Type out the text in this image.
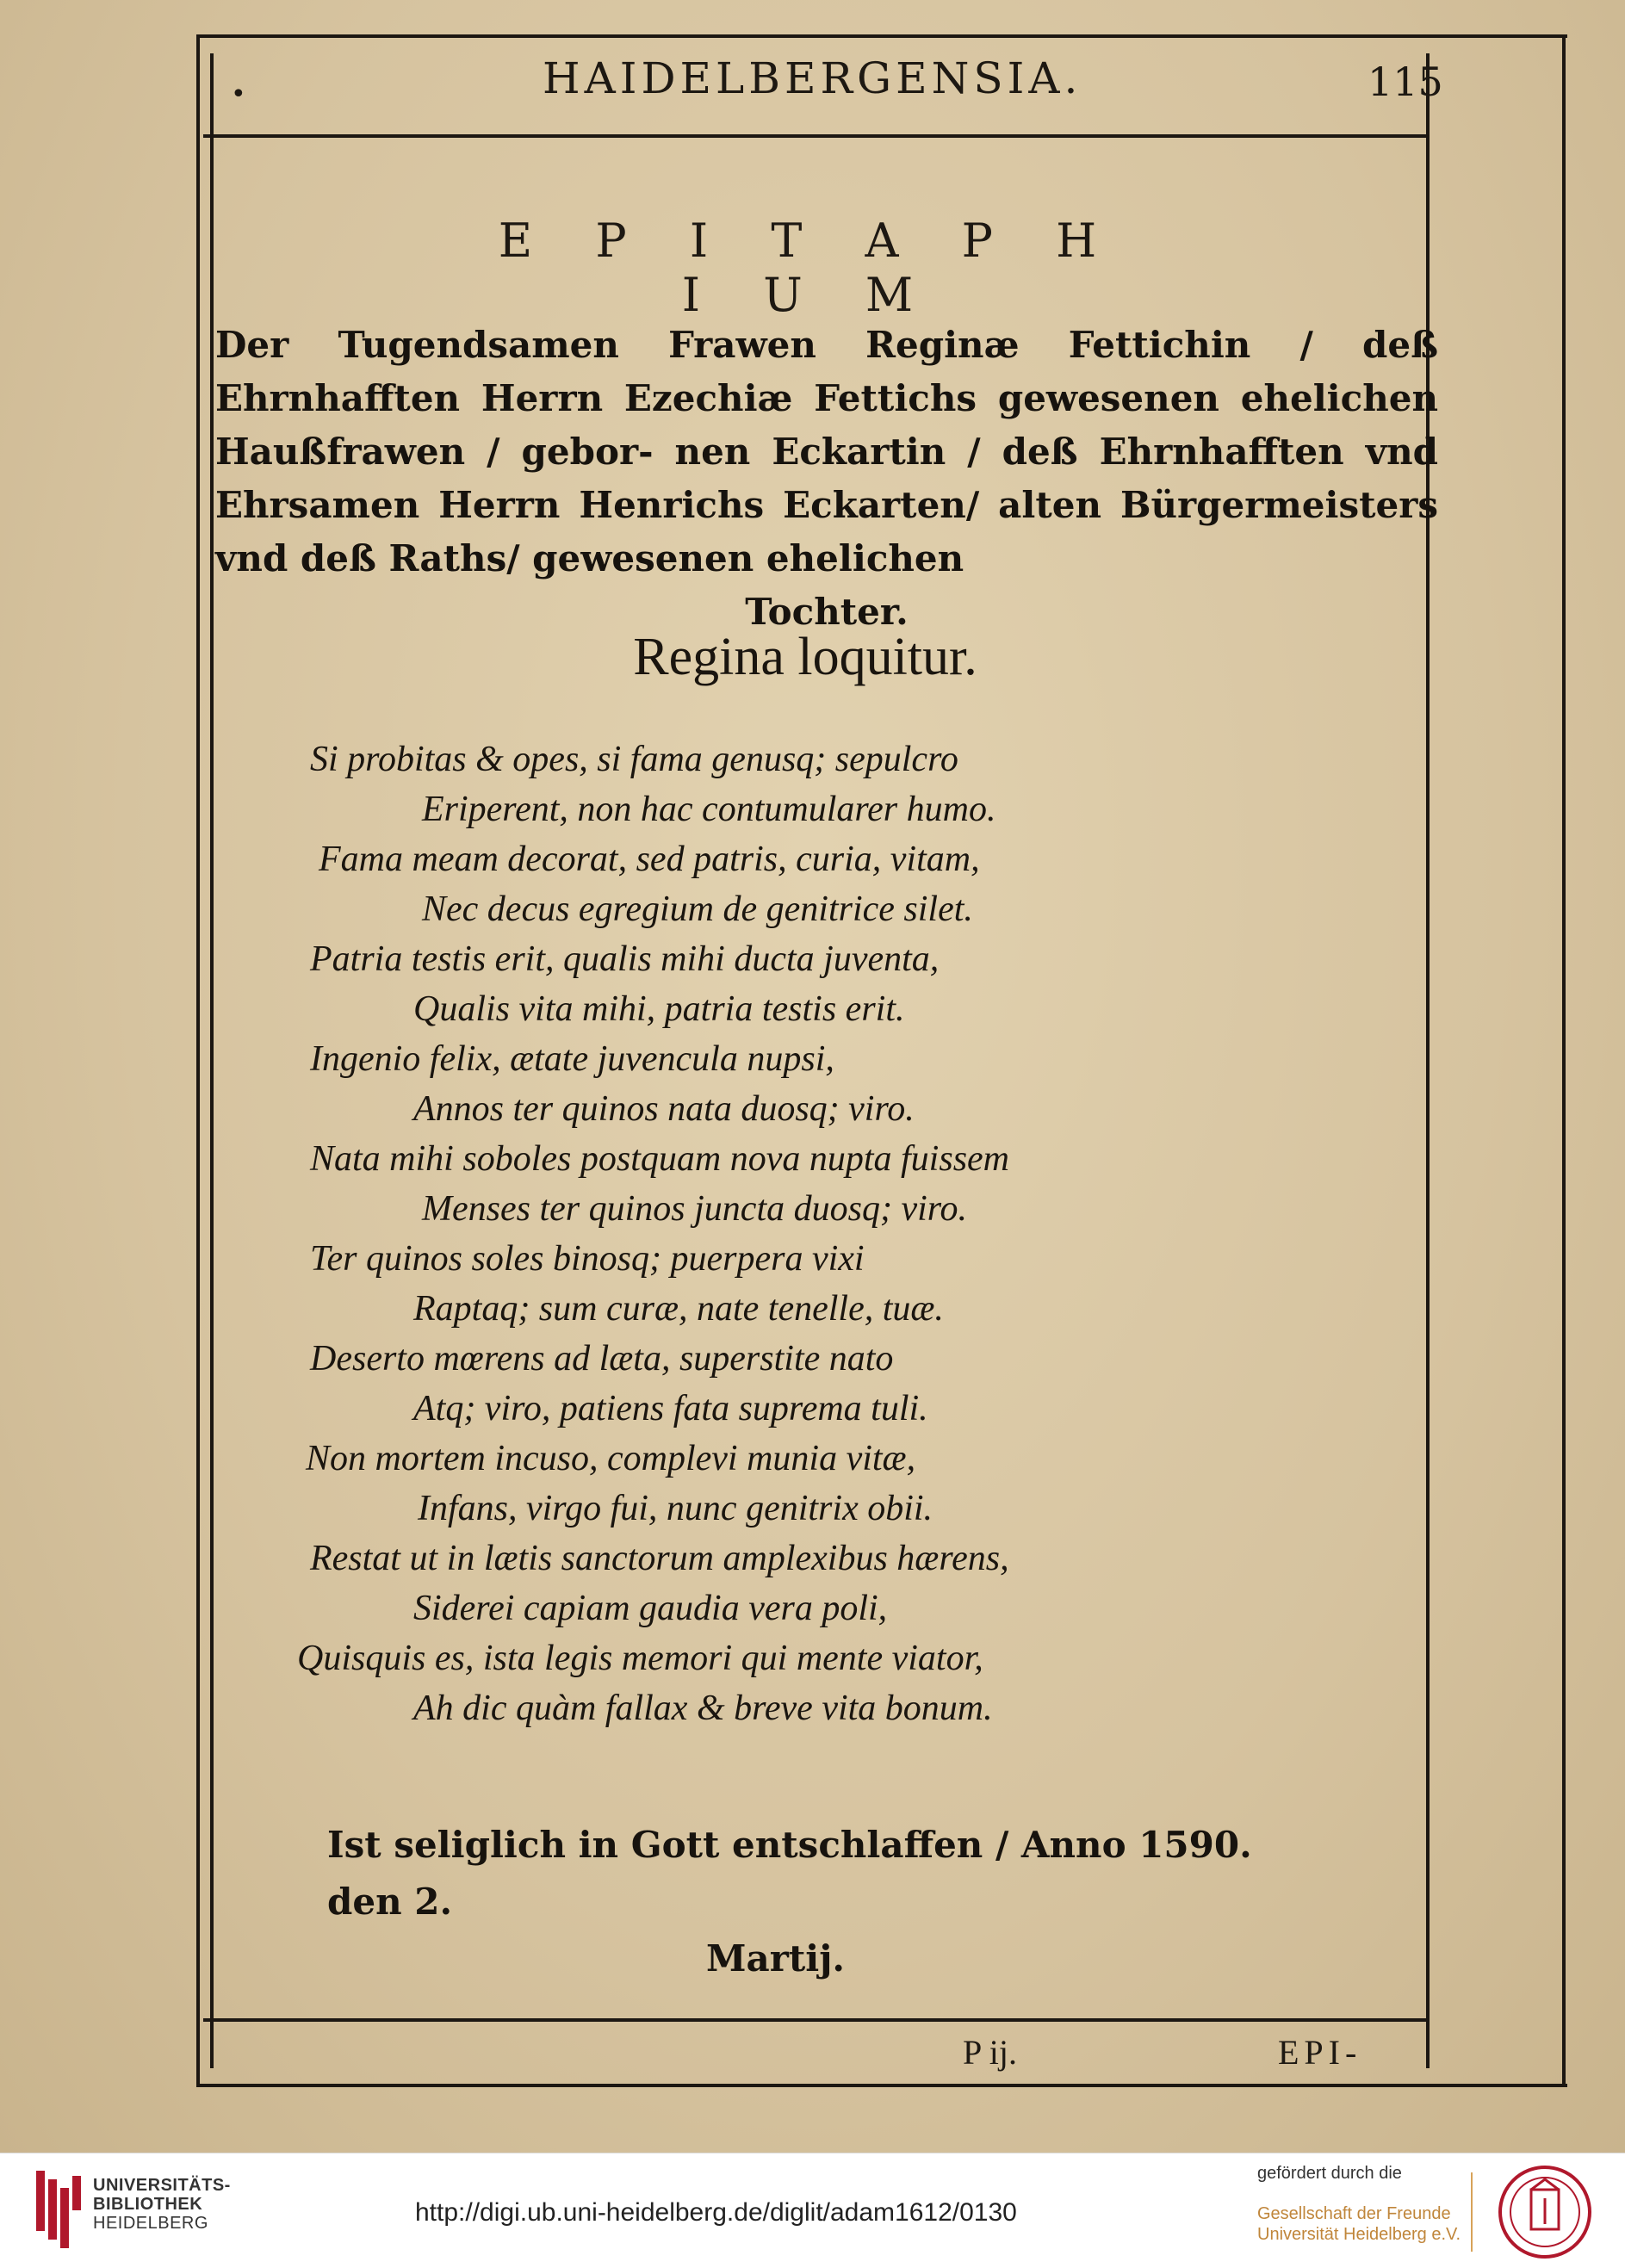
•	HAIDELBERGENSIA.	115
E P I T A P H I U M
Der Tugendsamen Frawen Reginæ Fettichin / deß Ehrnhafften Herrn Ezechiæ Fettichs gewesenen ehelichen Haußfrawen / gebor- nen Eckartin / deß Ehrnhafften vnd Ehrsamen Herrn Henrichs Eckarten/ alten Bürgermeisters vnd deß Raths/ gewesenen ehelichen
Tochter.
Regina loquitur.
Si probitas & opes, si fama genusq; sepulcro
Eriperent, non hac contumularer humo.
Fama meam decorat, sed patris, curia, vitam,
Nec decus egregium de genitrice silet.
Patria testis erit, qualis mihi ducta juventa,
Qualis vita mihi, patria testis erit.
Ingenio felix, ætate juvencula nupsi,
Annos ter quinos nata duosq; viro.
Nata mihi soboles postquam nova nupta fuissem
Menses ter quinos juncta duosq; viro.
Ter quinos soles binosq; puerpera vixi
Raptaq; sum curæ, nate tenelle, tuæ.
Deserto mœrens ad læta, superstite nato
Atq; viro, patiens fata suprema tuli.
Non mortem incuso, complevi munia vitæ,
Infans, virgo fui, nunc genitrix obii.
Restat ut in lætis sanctorum amplexibus hærens,
Siderei capiam gaudia vera poli,
Quisquis es, ista legis memori qui mente viator,
Ah dic quàm fallax & breve vita bonum.
Ist seliglich in Gott entschlaffen / Anno 1590. den 2.
Martij.
P ij.	EPI-
UNIVERSITÄTS-
BIBLIOTHEK
HEIDELBERG	http://digi.ub.uni-heidelberg.de/diglit/adam1612/0130
gefördert durch die
Gesellschaft der Freunde
Universität Heidelberg e.V.
